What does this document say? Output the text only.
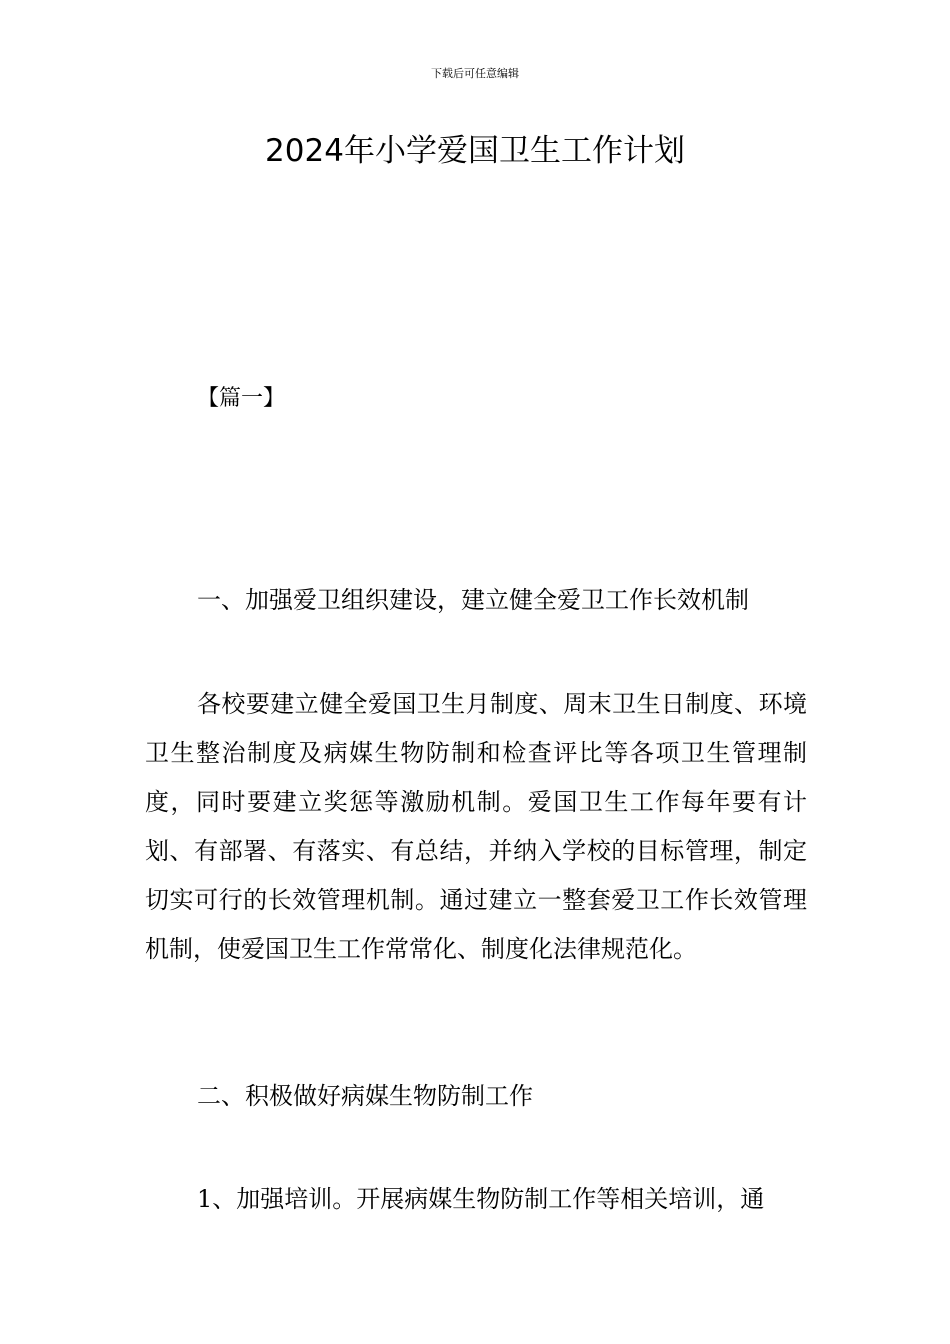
下载后可任意编辑
2024年小学爱国卫生工作计划
【篇一】
一、加强爱卫组织建设，建立健全爱卫工作长效机制

各校要建立健全爱国卫生月制度、周末卫生日制度、环境卫生整治制度及病媒生物防制和检查评比等各项卫生管理制度，同时要建立奖惩等激励机制。爱国卫生工作每年要有计划、有部署、有落实、有总结，并纳入学校的目标管理，制定切实可行的长效管理机制。通过建立一整套爱卫工作长效管理机制，使爱国卫生工作常常化、制度化法律规范化。

二、积极做好病媒生物防制工作

1、加强培训。开展病媒生物防制工作等相关培训，通
